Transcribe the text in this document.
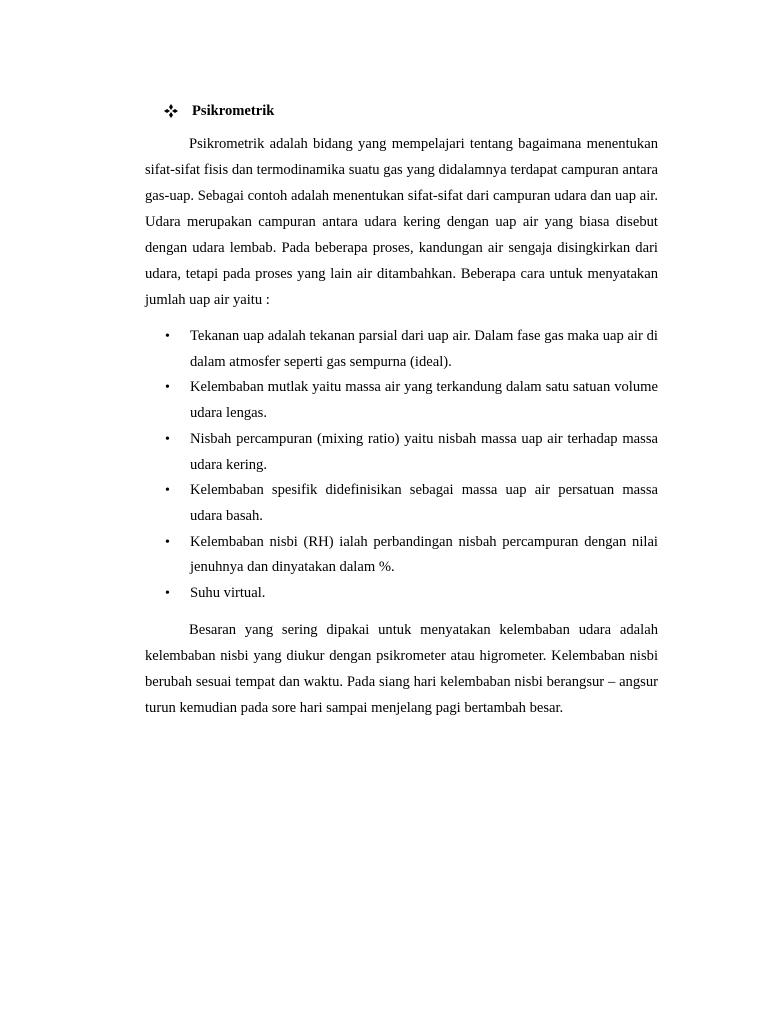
Psikrometrik

Psikrometrik adalah bidang yang mempelajari tentang bagaimana menentukan sifat-sifat fisis dan termodinamika suatu gas yang didalamnya terdapat campuran antara gas-uap. Sebagai contoh adalah menentukan sifat-sifat dari campuran udara dan uap air. Udara merupakan campuran antara udara kering dengan uap air yang biasa disebut dengan udara lembab. Pada beberapa proses, kandungan air sengaja disingkirkan dari udara, tetapi pada proses yang lain air ditambahkan. Beberapa cara untuk menyatakan jumlah uap air yaitu :

• Tekanan uap adalah tekanan parsial dari uap air. Dalam fase gas maka uap air di dalam atmosfer seperti gas sempurna (ideal).
• Kelembaban mutlak yaitu massa air yang terkandung dalam satu satuan volume udara lengas.
• Nisbah percampuran (mixing ratio) yaitu nisbah massa uap air terhadap massa udara kering.
• Kelembaban spesifik didefinisikan sebagai massa uap air persatuan massa udara basah.
• Kelembaban nisbi (RH) ialah perbandingan nisbah percampuran dengan nilai jenuhnya dan dinyatakan dalam %.
• Suhu virtual.

Besaran yang sering dipakai untuk menyatakan kelembaban udara adalah kelembaban nisbi yang diukur dengan psikrometer atau higrometer. Kelembaban nisbi berubah sesuai tempat dan waktu. Pada siang hari kelembaban nisbi berangsur – angsur turun kemudian pada sore hari sampai menjelang pagi bertambah besar.
